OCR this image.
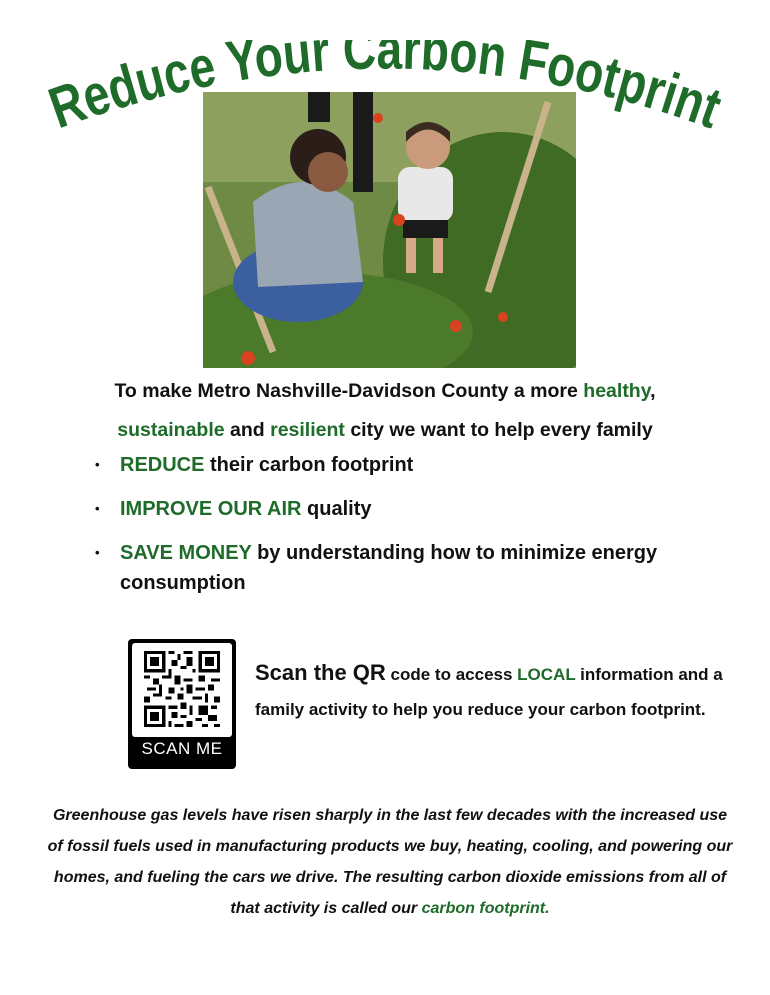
Reduce Your Carbon Footprint
To make Metro Nashville-Davidson County a more healthy,
sustainable and resilient city we want to help every family
• REDUCE their carbon footprint
• IMPROVE OUR AIR quality
• SAVE MONEY by understanding how to minimize energy consumption
SCAN ME
Scan the QR code to access LOCAL information and a family activity to help you reduce your carbon footprint.
Greenhouse gas levels have risen sharply in the last few decades with the increased use of fossil fuels used in manufacturing products we buy, heating, cooling, and powering our homes, and fueling the cars we drive. The resulting carbon dioxide emissions from all of that activity is called our carbon footprint.
